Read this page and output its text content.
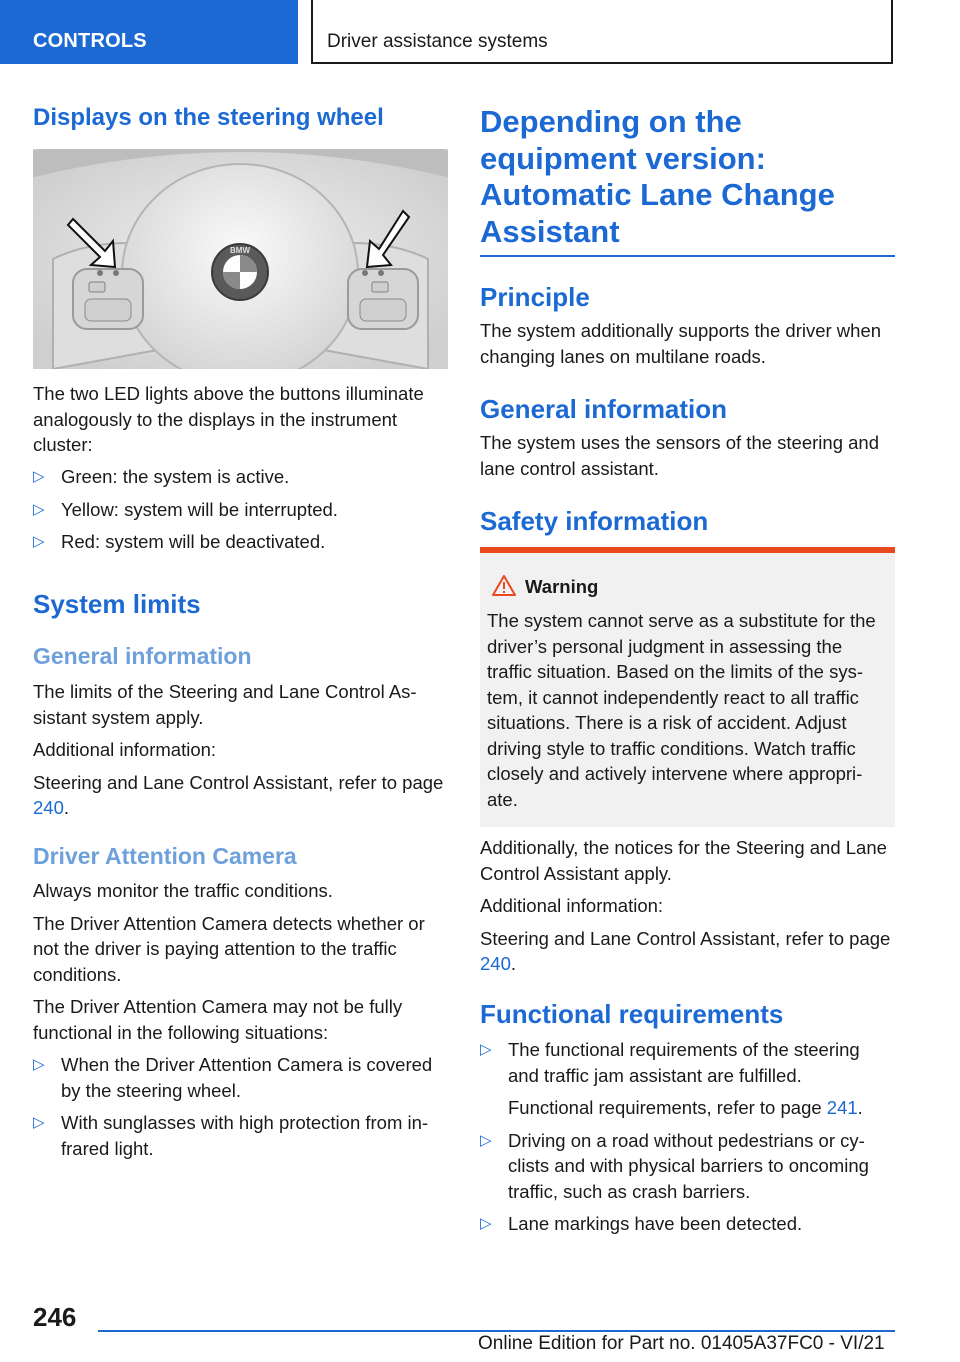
CONTROLS	Driver assistance systems
Displays on the steering wheel
BMW

The two LED lights above the buttons illuminate analogously to the displays in the instrument cluster:

▷ Green: the system is active.
▷ Yellow: system will be interrupted.
▷ Red: system will be deactivated.
System limits
General information

The limits of the Steering and Lane Control As‐sistant system apply.

Additional information:

Steering and Lane Control Assistant, refer to page 240.

Driver Attention Camera

Always monitor the traffic conditions.

The Driver Attention Camera detects whether or not the driver is paying attention to the traffic conditions.

The Driver Attention Camera may not be fully functional in the following situations:

▷ When the Driver Attention Camera is covered by the steering wheel.
▷ With sunglasses with high protection from in‐frared light.
Depending on the equipment version: Automatic Lane Change Assistant
Principle

The system additionally supports the driver when changing lanes on multilane roads.

General information

The system uses the sensors of the steering and lane control assistant.

Safety information
Warning

The system cannot serve as a substitute for the driver’s personal judgment in assessing the traffic situation. Based on the limits of the sys‐tem, it cannot independently react to all traffic situations. There is a risk of accident. Adjust driving style to traffic conditions. Watch traffic closely and actively intervene where appropri‐ate.

Additionally, the notices for the Steering and Lane Control Assistant apply.

Additional information:

Steering and Lane Control Assistant, refer to page 240.

Functional requirements
▷ The functional requirements of the steering and traffic jam assistant are fulfilled.
Functional requirements, refer to page 241.
▷ Driving on a road without pedestrians or cy‐clists and with physical barriers to oncoming traffic, such as crash barriers.
▷ Lane markings have been detected.
246
Online Edition for Part no. 01405A37FC0 - VI/21
